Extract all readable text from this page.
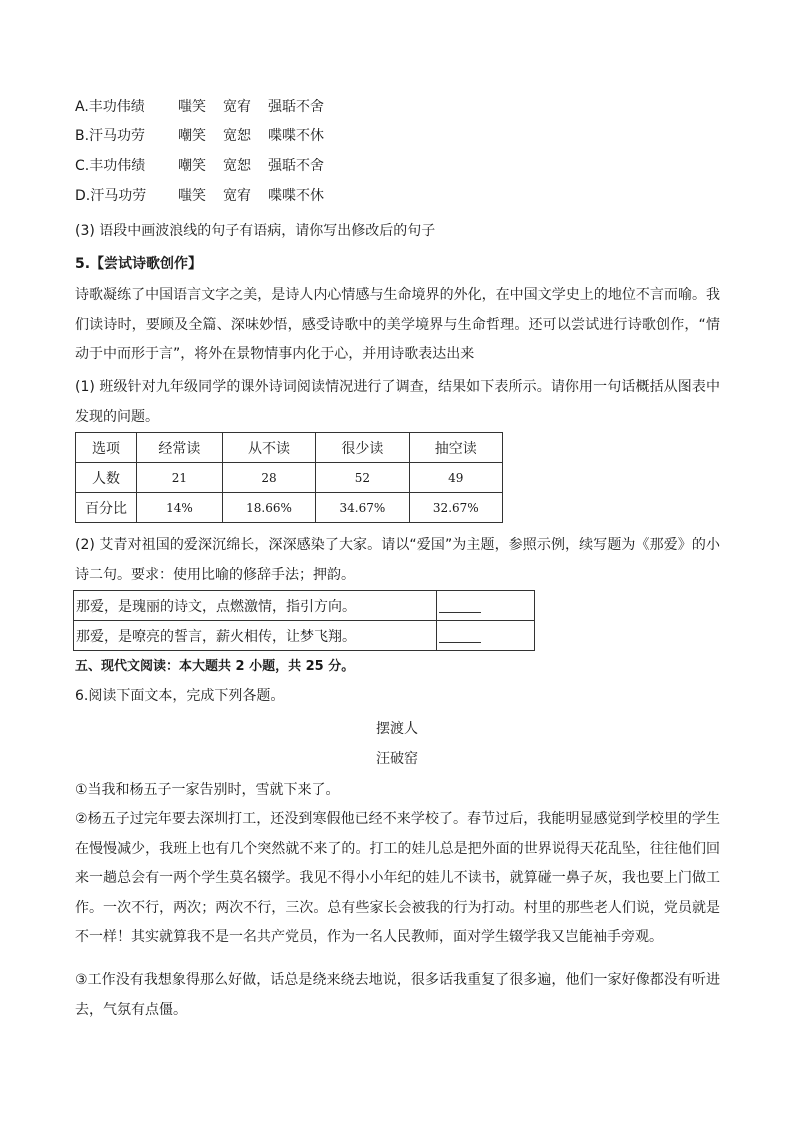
A.丰功伟绩 嗤笑 宽宥 强聒不舍
B.汗马功劳 嘲笑 宽恕 喋喋不休
C.丰功伟绩 嘲笑 宽恕 强聒不舍
D.汗马功劳 嗤笑 宽宥 喋喋不休
(3) 语段中画波浪线的句子有语病，请你写出修改后的句子
5.【尝试诗歌创作】
诗歌凝练了中国语言文字之美，是诗人内心情感与生命境界的外化，在中国文学史上的地位不言而喻。我们读诗时，要顾及全篇、深味妙悟，感受诗歌中的美学境界与生命哲理。还可以尝试进行诗歌创作，“情动于中而形于言”，将外在景物情事内化于心，并用诗歌表达出来
(1) 班级针对九年级同学的课外诗词阅读情况进行了调查，结果如下表所示。请你用一句话概括从图表中发现的问题。
选项	经常读	从不读	很少读	抽空读
人数	21	28	52	49
百分比	14%	18.66%	34.67%	32.67%
(2) 艾青对祖国的爱深沉绵长，深深感染了大家。请以“爱国”为主题，参照示例，续写题为《那爱》的小诗二句。要求：使用比喻的修辞手法；押韵。
那爱，是瑰丽的诗文，点燃激情，指引方向。	
那爱，是嘹亮的誓言，薪火相传，让梦飞翔。	
五、现代文阅读：本大题共 2 小题，共 25 分。
6.阅读下面文本，完成下列各题。
摆渡人
汪破窑
①当我和杨五子一家告别时，雪就下来了。
②杨五子过完年要去深圳打工，还没到寒假他已经不来学校了。春节过后，我能明显感觉到学校里的学生在慢慢减少，我班上也有几个突然就不来了的。打工的娃儿总是把外面的世界说得天花乱坠，往往他们回来一趟总会有一两个学生莫名辍学。我见不得小小年纪的娃儿不读书，就算碰一鼻子灰，我也要上门做工作。一次不行，两次；两次不行，三次。总有些家长会被我的行为打动。村里的那些老人们说，党员就是不一样！其实就算我不是一名共产党员，作为一名人民教师，面对学生辍学我又岂能袖手旁观。
③工作没有我想象得那么好做，话总是绕来绕去地说，很多话我重复了很多遍，他们一家好像都没有听进去，气氛有点僵。
